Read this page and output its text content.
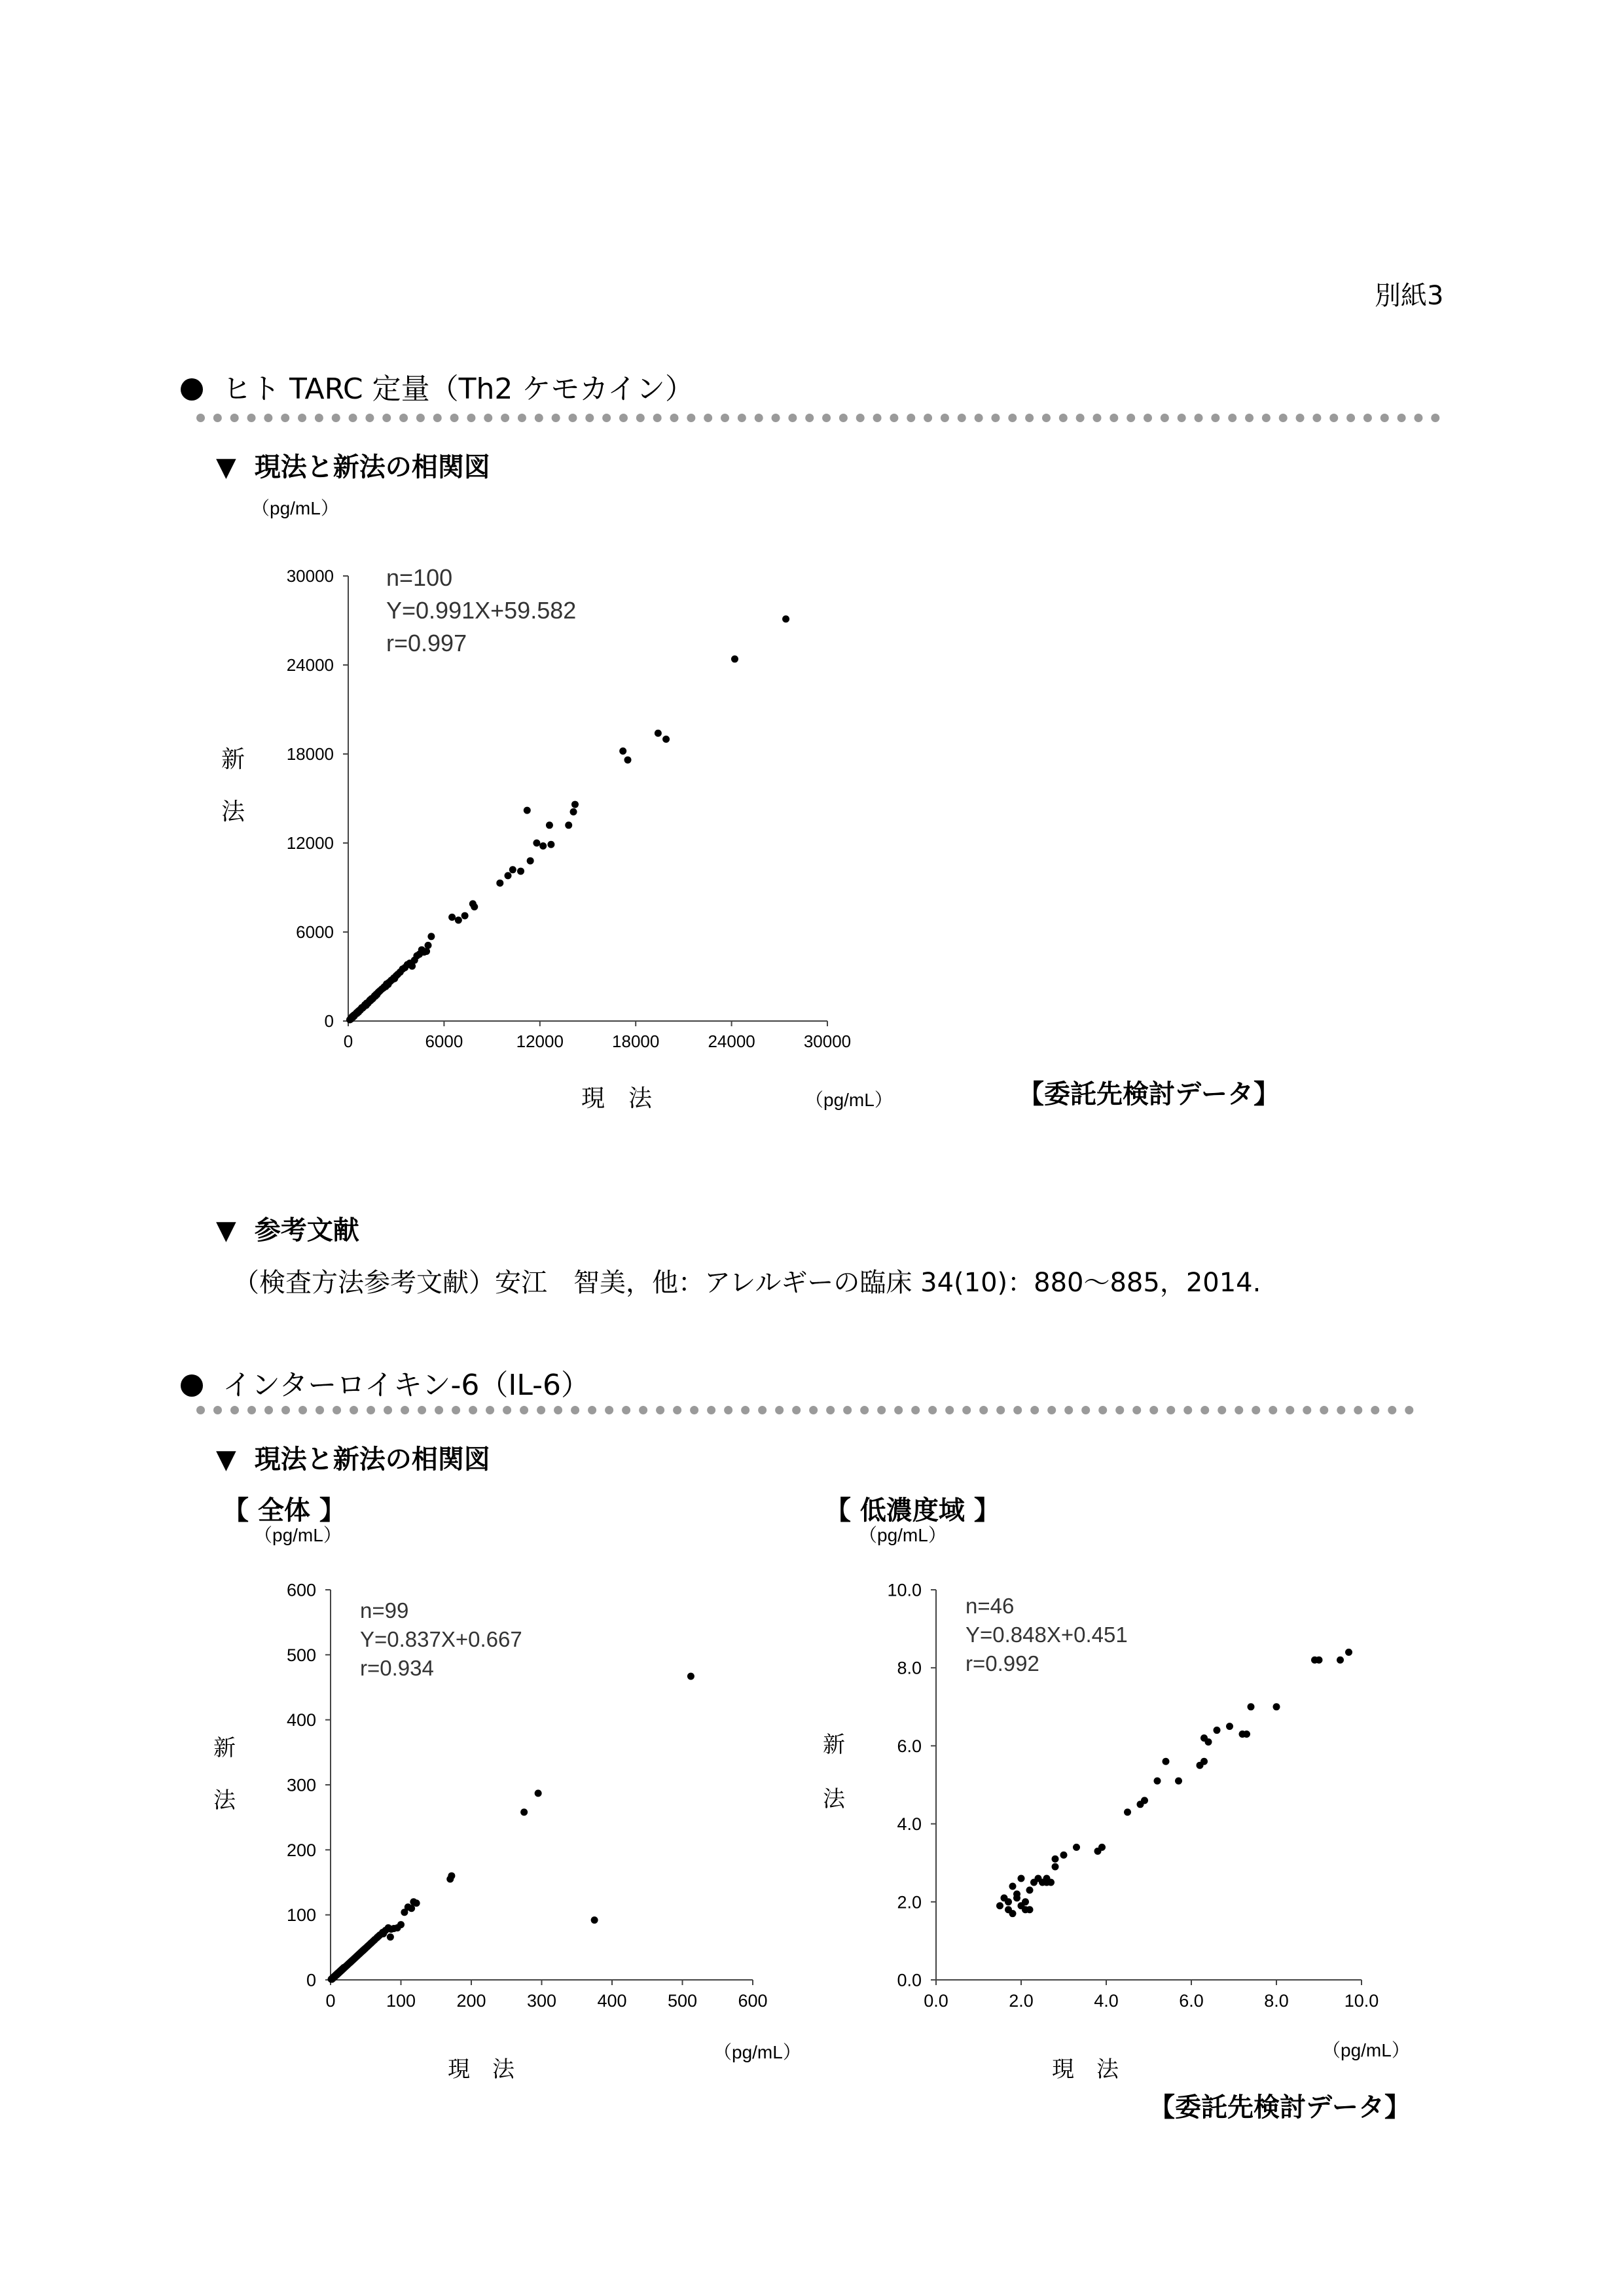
別紙3
ヒト TARC 定量（Th2 ケモカイン）
▼ 現法と新法の相関図
0	6000	12000	18000	24000	30000
0
6000
12000
18000
24000
30000
（pg/mL）
（pg/mL）
現　法
新
法
n=100
Y=0.991X+59.582
r=0.997
【委託先検討データ】
▼ 参考文献
（検査方法参考文献）安江　智美，他：アレルギーの臨床 34(10)：880～885，2014.
インターロイキン-6（IL-6）
▼ 現法と新法の相関図
【 全体 】	【 低濃度域 】
0	100 200 300 400 500 600
0
100
200
300
400
500
600
（pg/mL）
（pg/mL）
現　法
新
法
n=99
Y=0.837X+0.667
r=0.934
0.0	2.0	4.0	6.0	8.0	10.0
0.0
2.0
4.0
6.0
8.0
10.0
（pg/mL）
（pg/mL）
現　法
新
法
n=46
Y=0.848X+0.451
r=0.992
【委託先検討データ】
